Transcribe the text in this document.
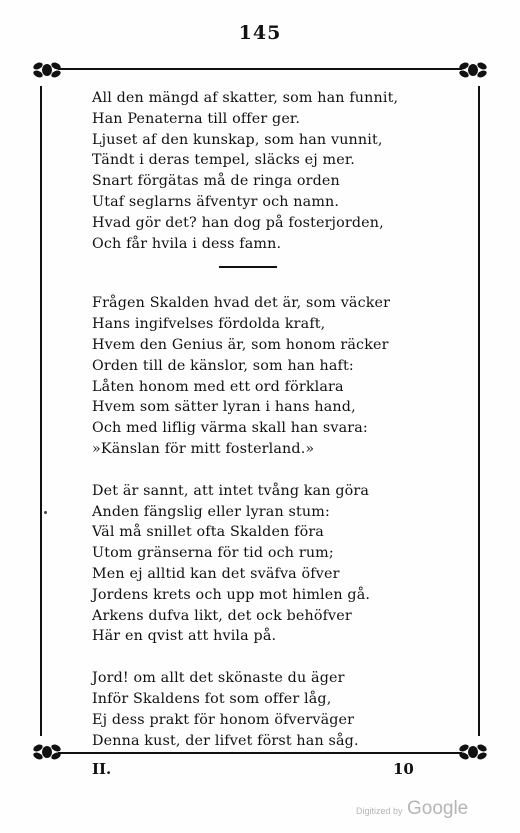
145
All den mängd af skatter, som han funnit,
Han Penaterna till offer ger.
Ljuset af den kunskap, som han vunnit,
Tändt i deras tempel, släcks ej mer.
Snart förgätas må de ringa orden
Utaf seglarns äfventyr och namn.
Hvad gör det? han dog på fosterjorden,
Och får hvila i dess famn.
Frågen Skalden hvad det är, som väcker
Hans ingifvelses fördolda kraft,
Hvem den Genius är, som honom räcker
Orden till de känslor, som han haft:
Låten honom med ett ord förklara
Hvem som sätter lyran i hans hand,
Och med liflig värma skall han svara:
»Känslan för mitt fosterland.»
Det är sannt, att intet tvång kan göra
Anden fängslig eller lyran stum:
Väl må snillet ofta Skalden föra
Utom gränserna för tid och rum;
Men ej alltid kan det sväfva öfver
Jordens krets och upp mot himlen gå.
Arkens dufva likt, det ock behöfver
Här en qvist att hvila på.
Jord! om allt det skönaste du äger
Inför Skaldens fot som offer låg,
Ej dess prakt för honom öfverväger
Denna kust, der lifvet först han såg.
II.	10
Digitized by Google
